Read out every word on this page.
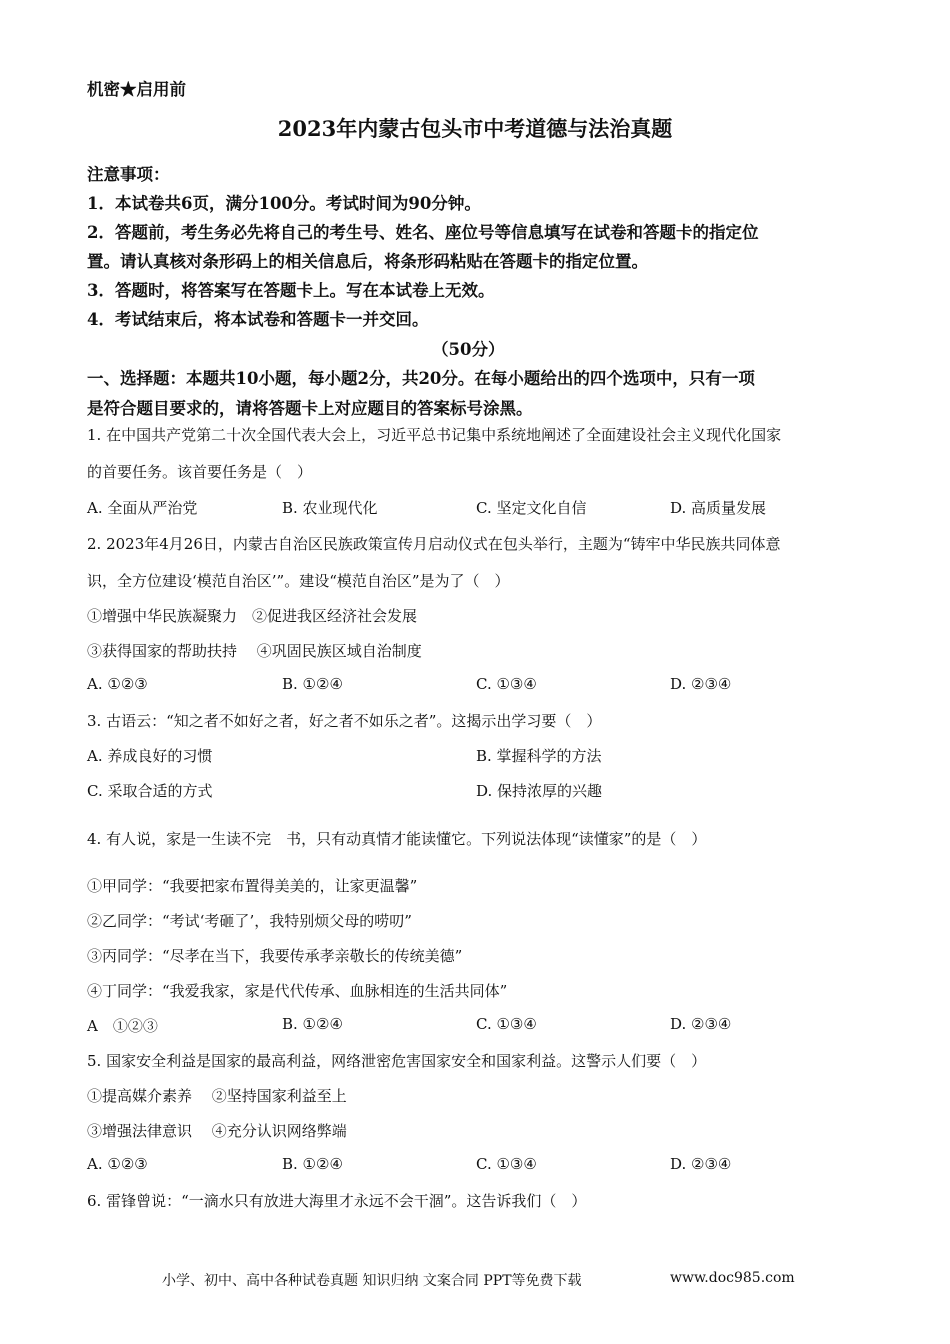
机密★启用前
2023年内蒙古包头市中考道德与法治真题
注意事项：
1．本试卷共6页，满分100分。考试时间为90分钟。
2．答题前，考生务必先将自己的考生号、姓名、座位号等信息填写在试卷和答题卡的指定位
置。请认真核对条形码上的相关信息后，将条形码粘贴在答题卡的指定位置。
3．答题时，将答案写在答题卡上。写在本试卷上无效。
4．考试结束后，将本试卷和答题卡一并交回。
（50分）
一、选择题：本题共10小题，每小题2分，共20分。在每小题给出的四个选项中，只有一项
是符合题目要求的，请将答题卡上对应题目的答案标号涂黑。
1. 在中国共产党第二十次全国代表大会上，习近平总书记集中系统地阐述了全面建设社会主义现代化国家
的首要任务。该首要任务是（　）
A. 全面从严治党	B. 农业现代化	C. 坚定文化自信	D. 高质量发展
2. 2023年4月26日，内蒙古自治区民族政策宣传月启动仪式在包头举行，主题为“铸牢中华民族共同体意
识，全方位建设‘模范自治区’”。建设“模范自治区”是为了（　）
①增强中华民族凝聚力　②促进我区经济社会发展
③获得国家的帮助扶持　 ④巩固民族区域自治制度
A. ①②③	B. ①②④	C. ①③④	D. ②③④
3. 古语云：“知之者不如好之者，好之者不如乐之者”。这揭示出学习要（　）
A. 养成良好的习惯	B. 掌握科学的方法
C. 采取合适的方式	D. 保持浓厚的兴趣
4. 有人说，家是一生读不完　书，只有动真情才能读懂它。下列说法体现“读懂家”的是（　）
①甲同学：“我要把家布置得美美的，让家更温馨”
②乙同学：“考试‘考砸了’，我特别烦父母的唠叨”
③丙同学：“尽孝在当下，我要传承孝亲敬长的传统美德”
④丁同学：“我爱我家，家是代代传承、血脉相连的生活共同体”
A　①②③	B. ①②④	C. ①③④	D. ②③④
5. 国家安全利益是国家的最高利益，网络泄密危害国家安全和国家利益。这警示人们要（　）
①提高媒介素养　 ②坚持国家利益至上
③增强法律意识　 ④充分认识网络弊端
A. ①②③	B. ①②④	C. ①③④	D. ②③④
6. 雷锋曾说：“一滴水只有放进大海里才永远不会干涸”。这告诉我们（　）
小学、初中、高中各种试卷真题 知识归纳 文案合同 PPT等免费下载	www.doc985.com
